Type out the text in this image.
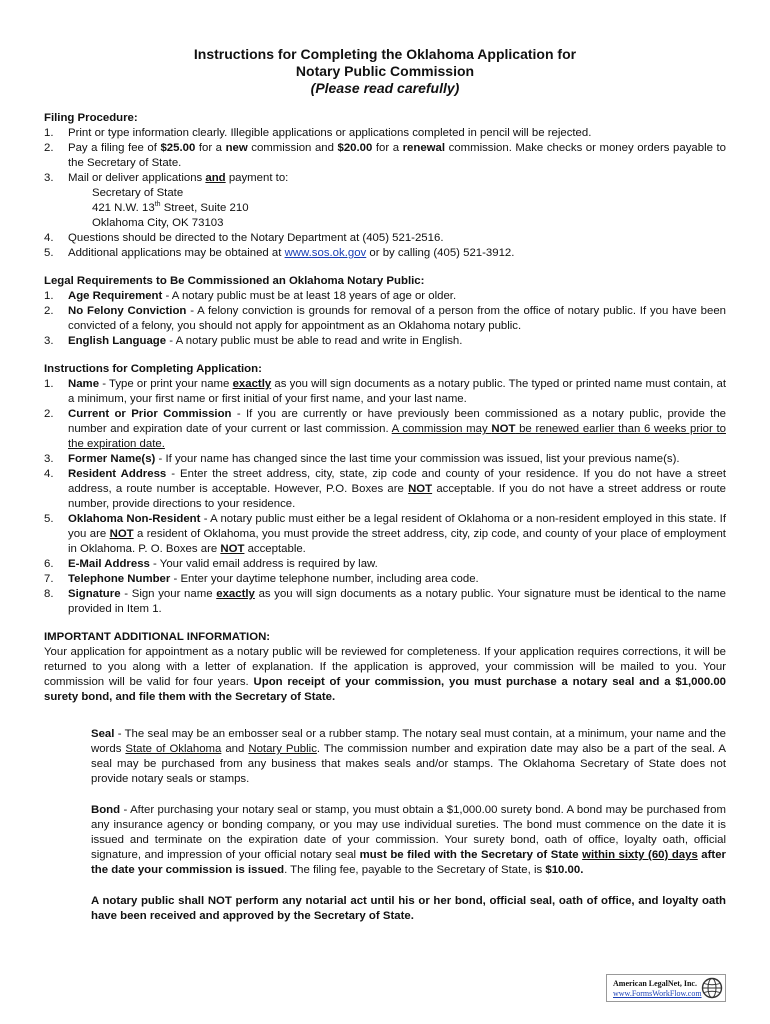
Instructions for Completing the Oklahoma Application for
Notary Public Commission
(Please read carefully)
Filing Procedure:
1. Print or type information clearly. Illegible applications or applications completed in pencil will be rejected.
2. Pay a filing fee of $25.00 for a new commission and $20.00 for a renewal commission. Make checks or money orders payable to the Secretary of State.
3. Mail or deliver applications and payment to:
Secretary of State
421 N.W. 13th Street, Suite 210
Oklahoma City, OK 73103
4. Questions should be directed to the Notary Department at (405) 521-2516.
5. Additional applications may be obtained at www.sos.ok.gov or by calling (405) 521-3912.
Legal Requirements to Be Commissioned an Oklahoma Notary Public:
1. Age Requirement - A notary public must be at least 18 years of age or older.
2. No Felony Conviction - A felony conviction is grounds for removal of a person from the office of notary public. If you have been convicted of a felony, you should not apply for appointment as an Oklahoma notary public.
3. English Language - A notary public must be able to read and write in English.
Instructions for Completing Application:
1. Name - Type or print your name exactly as you will sign documents as a notary public. The typed or printed name must contain, at a minimum, your first name or first initial of your first name, and your last name.
2. Current or Prior Commission - If you are currently or have previously been commissioned as a notary public, provide the number and expiration date of your current or last commission. A commission may NOT be renewed earlier than 6 weeks prior to the expiration date.
3. Former Name(s) - If your name has changed since the last time your commission was issued, list your previous name(s).
4. Resident Address - Enter the street address, city, state, zip code and county of your residence. If you do not have a street address, a route number is acceptable. However, P.O. Boxes are NOT acceptable. If you do not have a street address or route number, provide directions to your residence.
5. Oklahoma Non-Resident - A notary public must either be a legal resident of Oklahoma or a non-resident employed in this state. If you are NOT a resident of Oklahoma, you must provide the street address, city, zip code, and county of your place of employment in Oklahoma. P. O. Boxes are NOT acceptable.
6. E-Mail Address - Your valid email address is required by law.
7. Telephone Number - Enter your daytime telephone number, including area code.
8. Signature - Sign your name exactly as you will sign documents as a notary public. Your signature must be identical to the name provided in Item 1.
IMPORTANT ADDITIONAL INFORMATION:

Your application for appointment as a notary public will be reviewed for completeness. If your application requires corrections, it will be returned to you along with a letter of explanation. If the application is approved, your commission will be mailed to you. Your commission will be valid for four years. Upon receipt of your commission, you must purchase a notary seal and a $1,000.00 surety bond, and file them with the Secretary of State.

Seal - The seal may be an embosser seal or a rubber stamp. The notary seal must contain, at a minimum, your name and the words State of Oklahoma and Notary Public. The commission number and expiration date may also be a part of the seal. A seal may be purchased from any business that makes seals and/or stamps. The Oklahoma Secretary of State does not provide notary seals or stamps.

Bond - After purchasing your notary seal or stamp, you must obtain a $1,000.00 surety bond. A bond may be purchased from any insurance agency or bonding company, or you may use individual sureties. The bond must commence on the date it is issued and terminate on the expiration date of your commission. Your surety bond, oath of office, loyalty oath, official signature, and impression of your official notary seal must be filed with the Secretary of State within sixty (60) days after the date your commission is issued. The filing fee, payable to the Secretary of State, is $10.00.

A notary public shall NOT perform any notarial act until his or her bond, official seal, oath of office, and loyalty oath have been received and approved by the Secretary of State.

American LegalNet, Inc.
www.FormsWorkFlow.com
